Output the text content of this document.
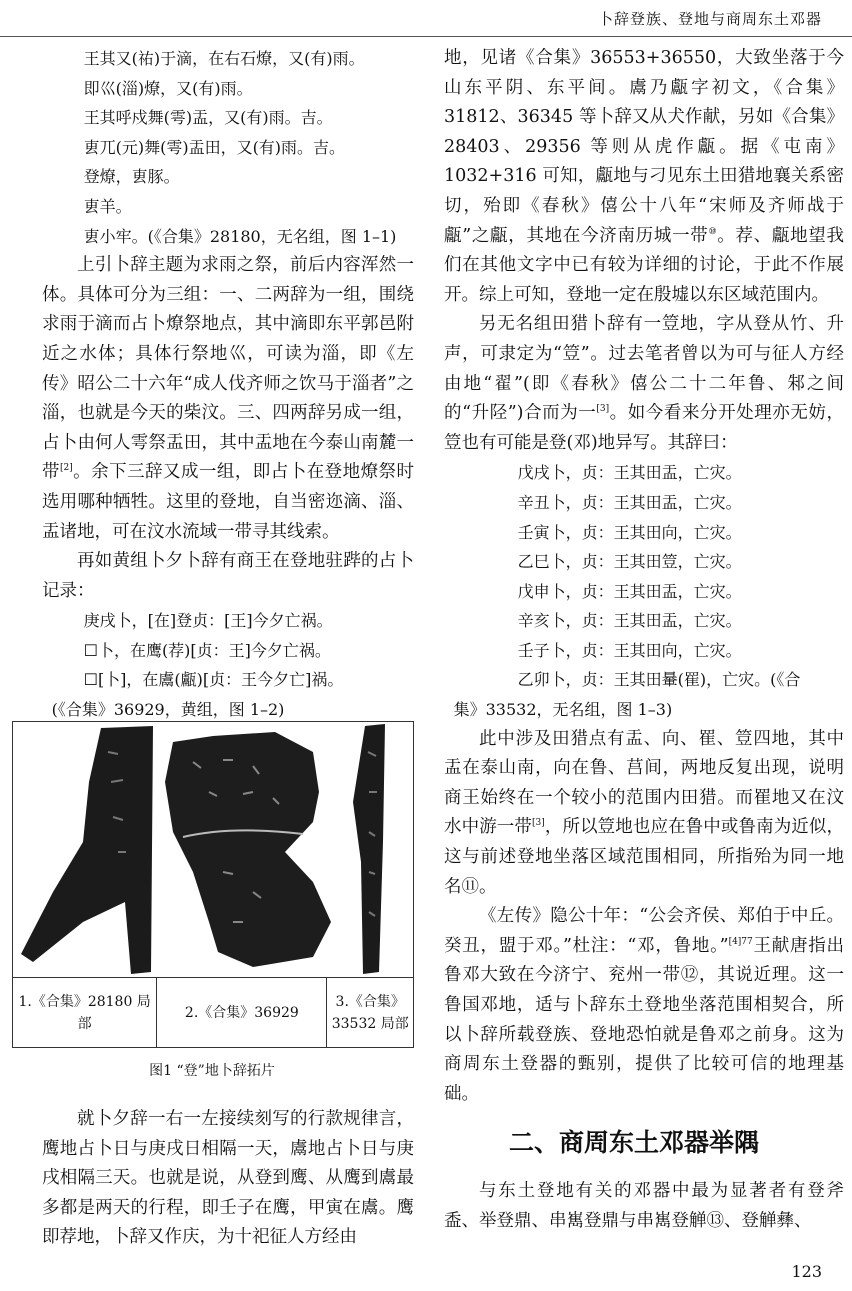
卜辞登族、登地与商周东土邓器

王其又(祐)于滴，在右石燎，又(有)雨。

即巛(淄)燎，又(有)雨。

王其呼戍舞(雩)盂，又(有)雨。吉。

叀兀(元)舞(雩)盂田，又(有)雨。吉。

登燎，叀豚。

叀羊。

叀小牢。(《合集》28180，无名组，图 1–1)

上引卜辞主题为求雨之祭，前后内容浑然一体。具体可分为三组：一、二两辞为一组，围绕求雨于滴而占卜燎祭地点，其中滴即东平郭邑附近之水体；具体行祭地巛，可读为淄，即《左传》昭公二十六年“成人伐齐师之饮马于淄者”之淄，也就是今天的柴汶。三、四两辞另成一组，占卜由何人雩祭盂田，其中盂地在今泰山南麓一带[2]。余下三辞又成一组，即占卜在登地燎祭时选用哪种牺牲。这里的登地，自当密迩滴、淄、盂诸地，可在汶水流域一带寻其线索。

再如黄组卜夕卜辞有商王在登地驻跸的占卜记录：

庚戌卜，[在]登贞：[王]今夕亡祸。

☐卜，在鹰(荐)[贞：王]今夕亡祸。

☐[卜]，在鬳(甗)[贞：王今夕亡]祸。

(《合集》36929，黄组，图 1–2)

1.《合集》28180 局部
2.《合集》36929
3.《合集》33532 局部
图1 “登”地卜辞拓片

就卜夕辞一右一左接续刻写的行款规律言，鹰地占卜日与庚戌日相隔一天，鬳地占卜日与庚戌相隔三天。也就是说，从登到鹰、从鹰到鬳最多都是两天的行程，即壬子在鹰，甲寅在鬳。鹰即荐地，卜辞又作庆，为十祀征人方经由

地，见诸《合集》36553+36550，大致坐落于今山东平阴、东平间。鬳乃甗字初文，《合集》31812、36345 等卜辞又从犬作献，另如《合集》28403、29356 等则从虎作甗。据《屯南》1032+316 可知，甗地与刁见东土田猎地襄关系密切，殆即《春秋》僖公十八年“宋师及齐师战于甗”之甗，其地在今济南历城一带⑩。荐、甗地望我们在其他文字中已有较为详细的讨论，于此不作展开。综上可知，登地一定在殷墟以东区域范围内。

另无名组田猎卜辞有一䇺地，字从登从竹、升声，可隶定为“䇺”。过去笔者曾以为可与征人方经由地“翟”(即《春秋》僖公二十二年鲁、邾之间的“升陉”)合而为一[3]。如今看来分开处理亦无妨，䇺也有可能是登(邓)地异写。其辞曰：

戊戌卜，贞：王其田盂，亡灾。

辛丑卜，贞：王其田盂，亡灾。

壬寅卜，贞：王其田向，亡灾。

乙巳卜，贞：王其田䇺，亡灾。

戊申卜，贞：王其田盂，亡灾。

辛亥卜，贞：王其田盂，亡灾。

壬子卜，贞：王其田向，亡灾。

乙卯卜，贞：王其田䡞(䍜)，亡灾。(《合

集》33532，无名组，图 1–3)

此中涉及田猎点有盂、向、䍜、䇺四地，其中盂在泰山南，向在鲁、莒间，两地反复出现，说明商王始终在一个较小的范围内田猎。而䍜地又在汶水中游一带[3]，所以䇺地也应在鲁中或鲁南为近似，这与前述登地坐落区域范围相同，所指殆为同一地名⑪。

《左传》隐公十年：“公会齐侯、郑伯于中丘。癸丑，盟于邓。”杜注：“邓，鲁地。”$^{[4]77}$王献唐指出鲁邓大致在今济宁、兖州一带⑫，其说近理。这一鲁国邓地，适与卜辞东土登地坐落范围相契合，所以卜辞所载登族、登地恐怕就是鲁邓之前身。这为商周东土登器的甄别，提供了比较可信的地理基础。

二、商周东土邓器举隅

与东土登地有关的邓器中最为显著者有登斧盉、举登鼎、串嶲登鼎与串嶲登觯⑬、登觯彝、

123
